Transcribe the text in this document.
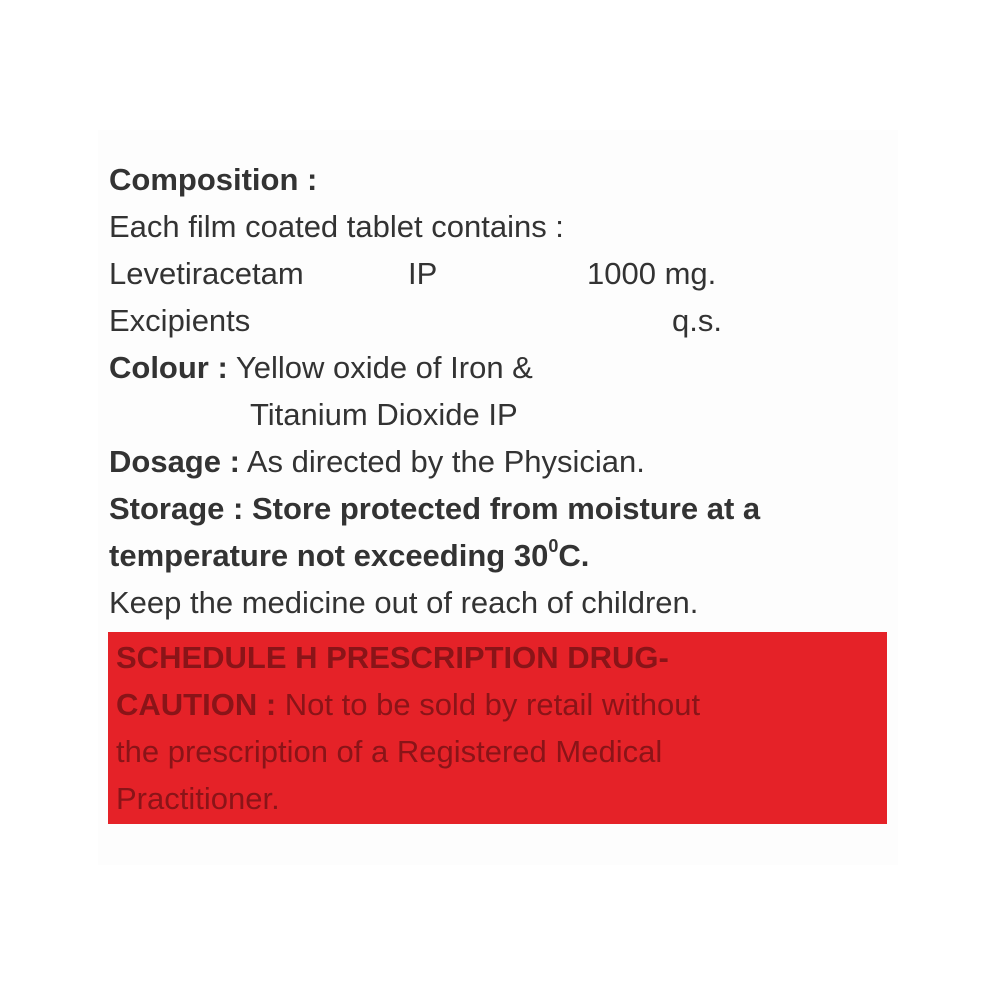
Composition :
Each film coated tablet contains :
Levetiracetam	IP	1000 mg.
Excipients	q.s.
Colour : Yellow oxide of Iron &
Titanium Dioxide IP
Dosage : As directed by the Physician.
Storage : Store protected from moisture at a
temperature not exceeding $30^0C$.
Keep the medicine out of reach of children.
SCHEDULE H PRESCRIPTION DRUG-
CAUTION : Not to be sold by retail without
the prescription of a Registered Medical
Practitioner.
